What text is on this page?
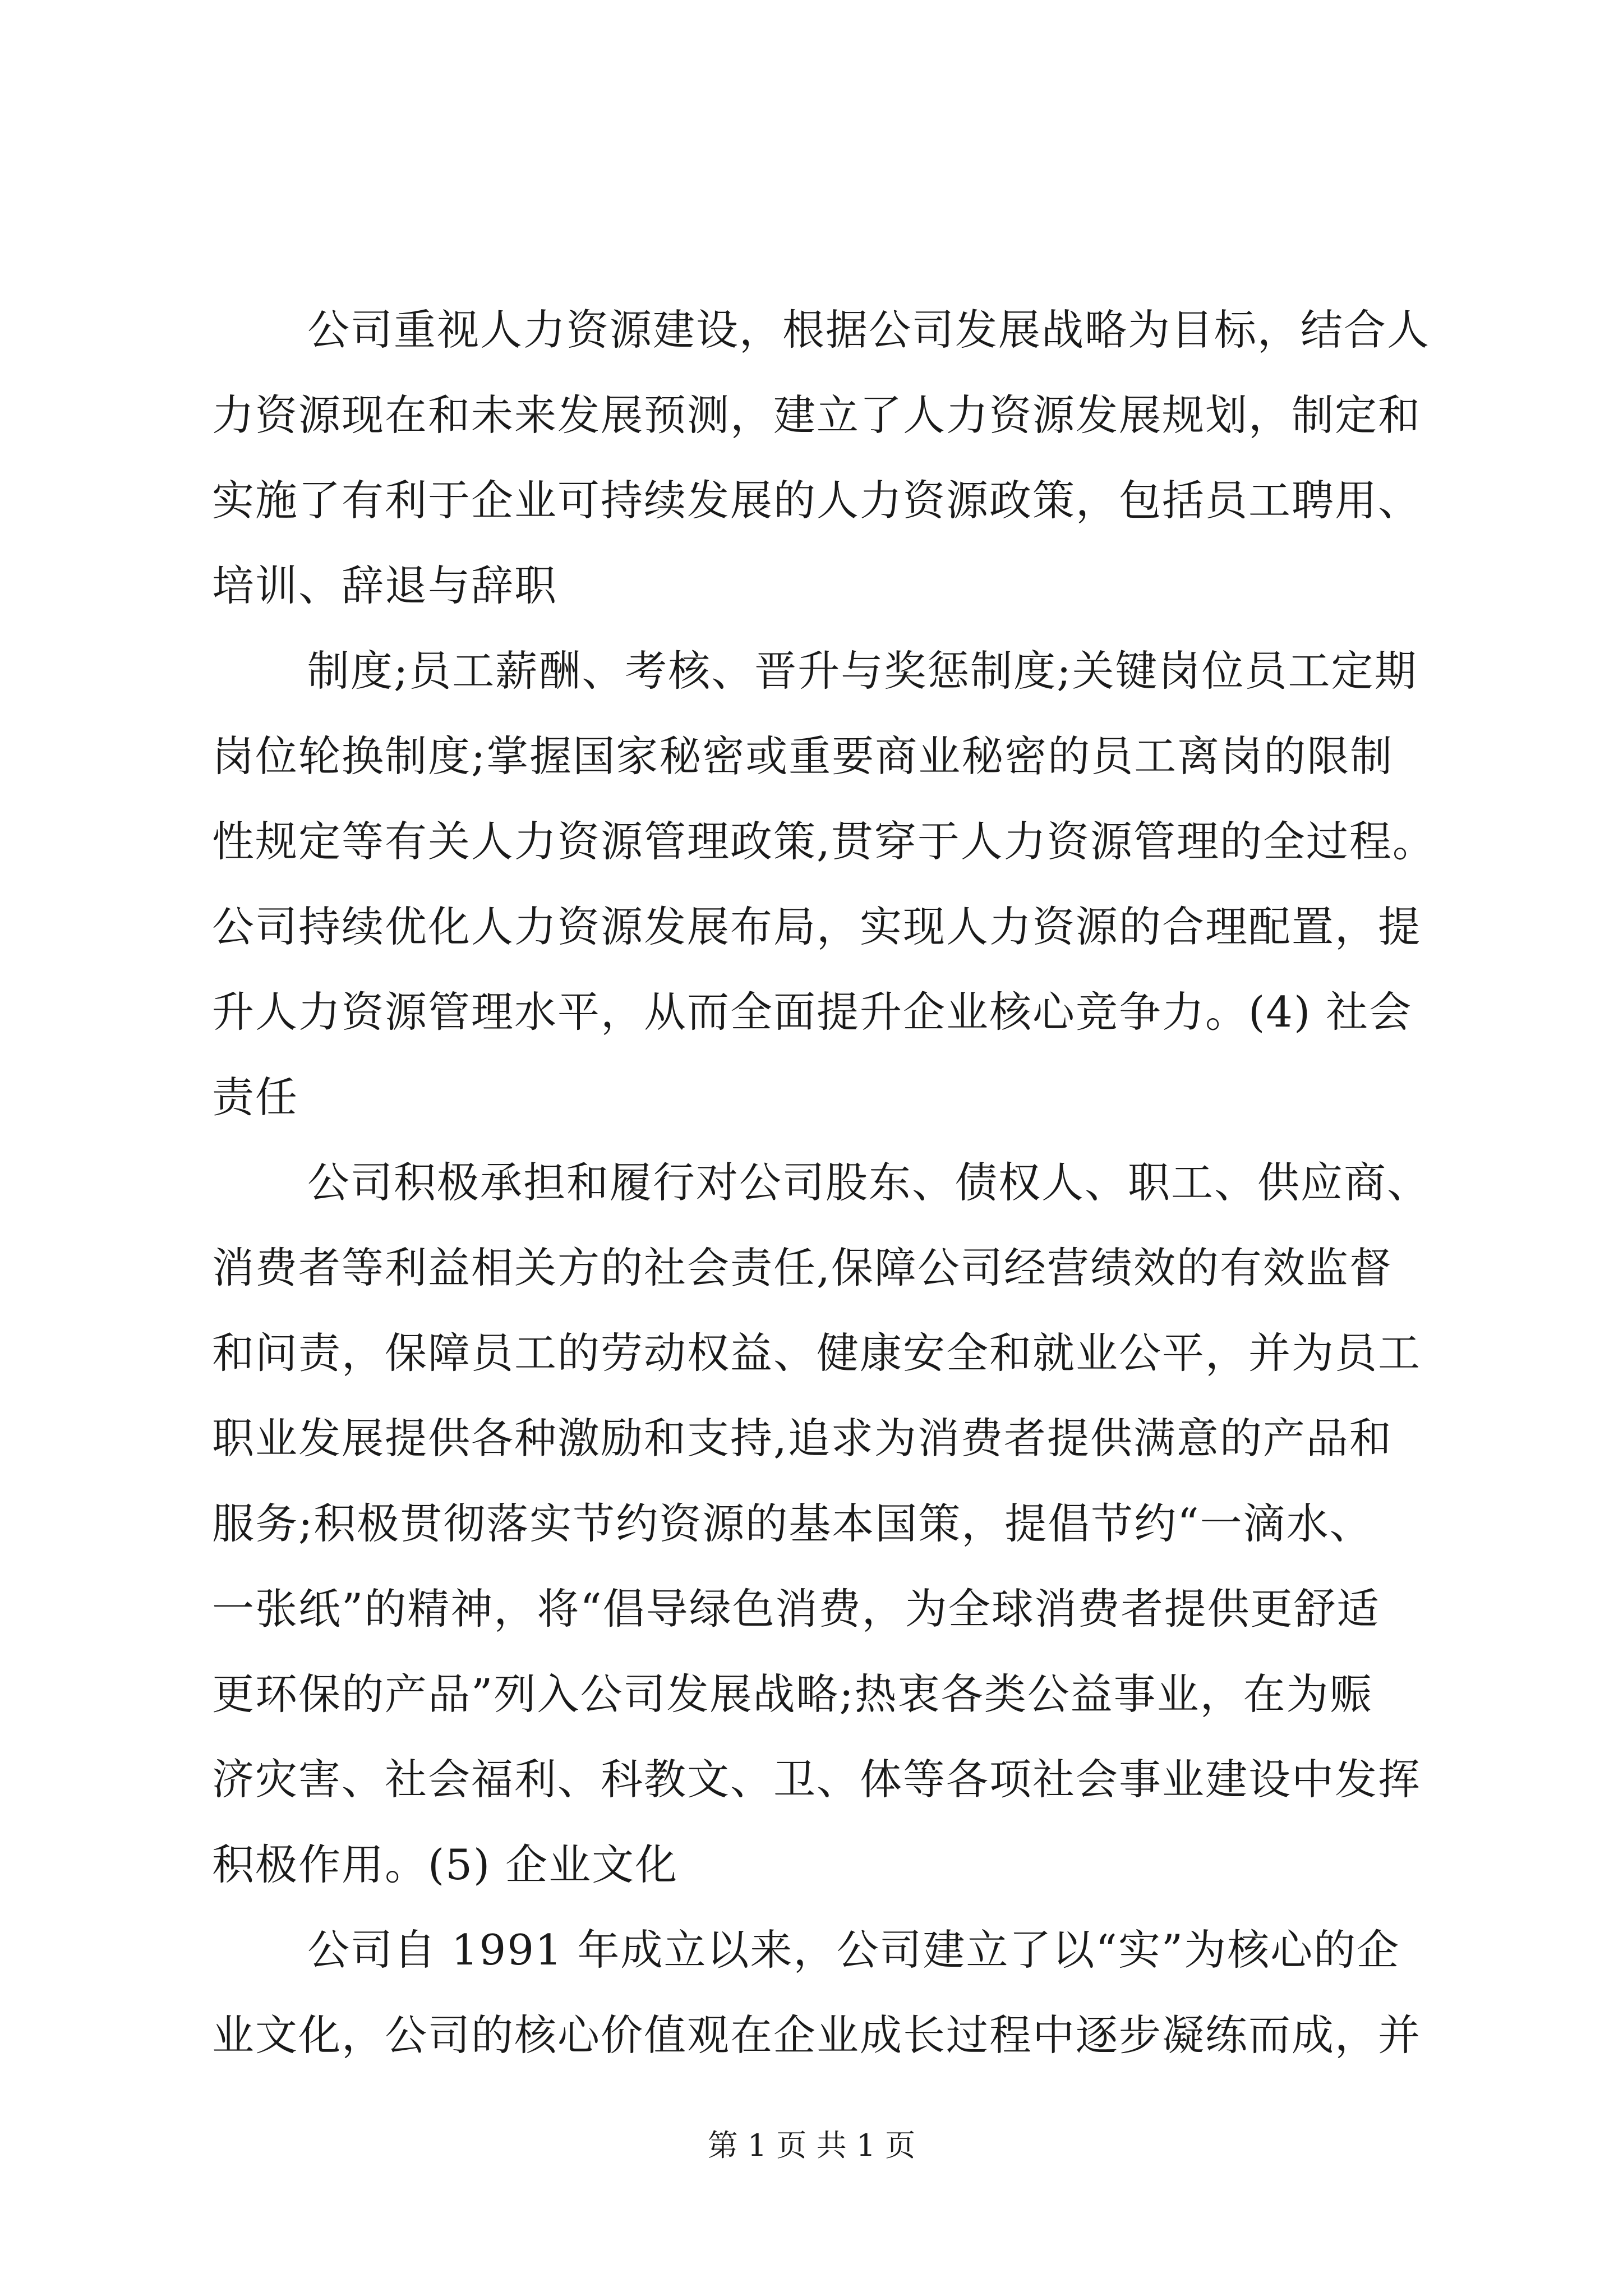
公司重视人力资源建设，根据公司发展战略为目标，结合人
力资源现在和未来发展预测，建立了人力资源发展规划，制定和
实施了有利于企业可持续发展的人力资源政策，包括员工聘用、
培训、辞退与辞职
制度;员工薪酬、考核、晋升与奖惩制度;关键岗位员工定期
岗位轮换制度;掌握国家秘密或重要商业秘密的员工离岗的限制
性规定等有关人力资源管理政策,贯穿于人力资源管理的全过程。
公司持续优化人力资源发展布局，实现人力资源的合理配置，提
升人力资源管理水平，从而全面提升企业核心竞争力。(4) 社会
责任
公司积极承担和履行对公司股东、债权人、职工、供应商、
消费者等利益相关方的社会责任,保障公司经营绩效的有效监督
和问责，保障员工的劳动权益、健康安全和就业公平，并为员工
职业发展提供各种激励和支持,追求为消费者提供满意的产品和
服务;积极贯彻落实节约资源的基本国策，提倡节约“一滴水、
一张纸”的精神，将“倡导绿色消费，为全球消费者提供更舒适
更环保的产品”列入公司发展战略;热衷各类公益事业，在为赈
济灾害、社会福利、科教文、卫、体等各项社会事业建设中发挥
积极作用。(5) 企业文化
公司自 1991 年成立以来，公司建立了以“实”为核心的企
业文化，公司的核心价值观在企业成长过程中逐步凝练而成，并
第 1 页 共 1 页
